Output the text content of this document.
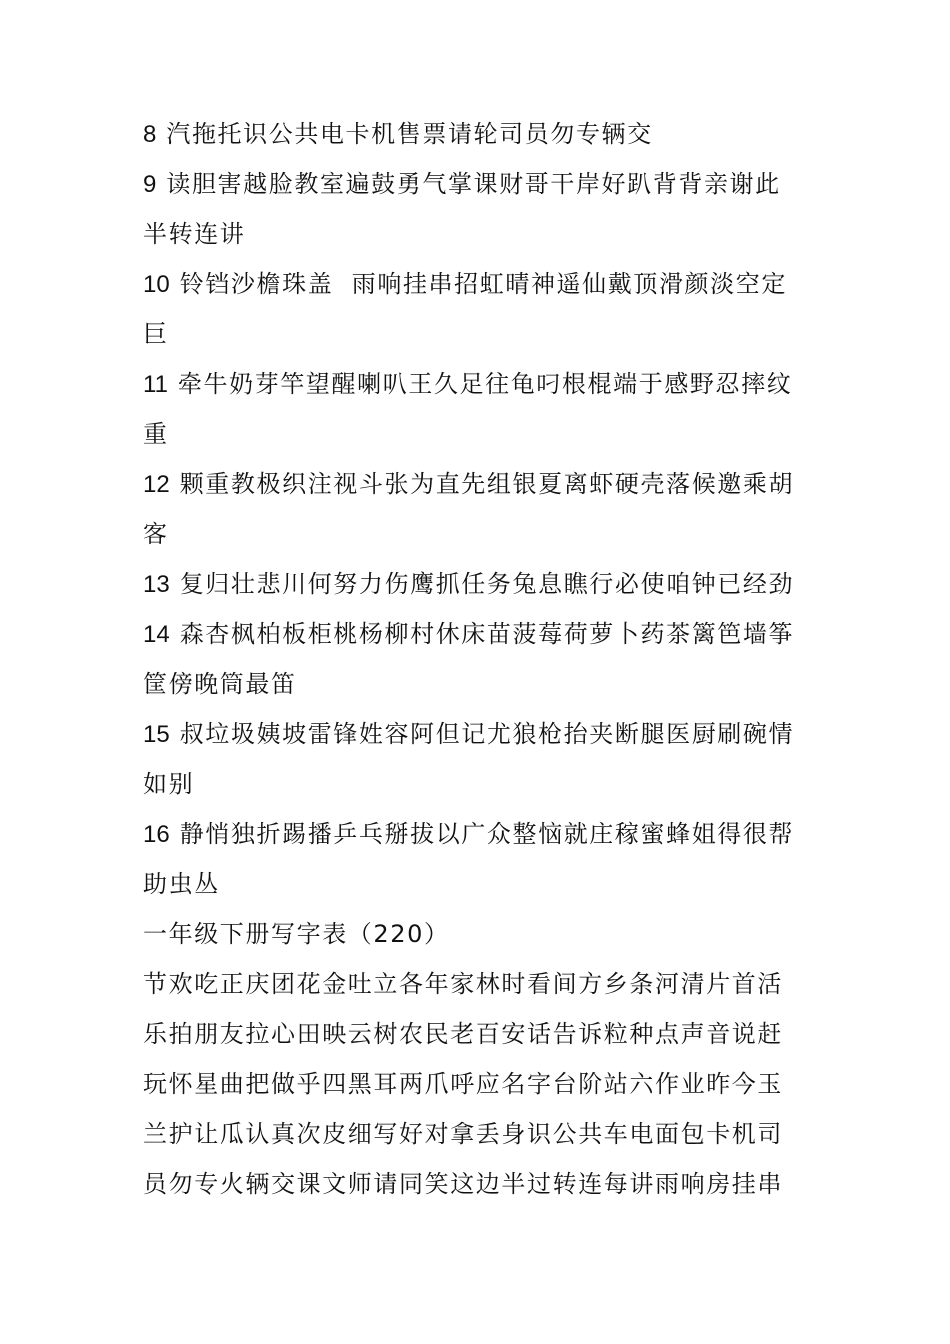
8 汽拖托识公共电卡机售票请轮司员勿专辆交
9 读胆害越脸教室遍鼓勇气掌课财哥干岸好趴背背亲谢此
半转连讲
10 铃铛沙檐珠盖  雨响挂串招虹晴神遥仙戴顶滑颜淡空定
巨
11 牵牛奶芽竿望醒喇叭王久足往龟叼根棍端于感野忍摔纹
重
12 颗重教极织注视斗张为直先组银夏离虾硬壳落候邀乘胡
客
13 复归壮悲川何努力伤鹰抓任务兔息瞧行必使咱钟已经劲
14 森杏枫柏板柜桃杨柳村休床苗菠莓荷萝卜药茶篱笆墙筝
筐傍晚筒最笛
15 叔垃圾姨坡雷锋姓容阿但记尤狼枪抬夹断腿医厨刷碗情
如别
16 静悄独折踢播乒乓掰拔以广众整恼就庄稼蜜蜂姐得很帮
助虫丛
一年级下册写字表（220）
节欢吃正庆团花金吐立各年家林时看间方乡条河清片首活
乐拍朋友拉心田映云树农民老百安话告诉粒种点声音说赶
玩怀星曲把做乎四黑耳两爪呼应名字台阶站六作业昨今玉
兰护让瓜认真次皮细写好对拿丢身识公共车电面包卡机司
员勿专火辆交课文师请同笑这边半过转连每讲雨响房挂串
